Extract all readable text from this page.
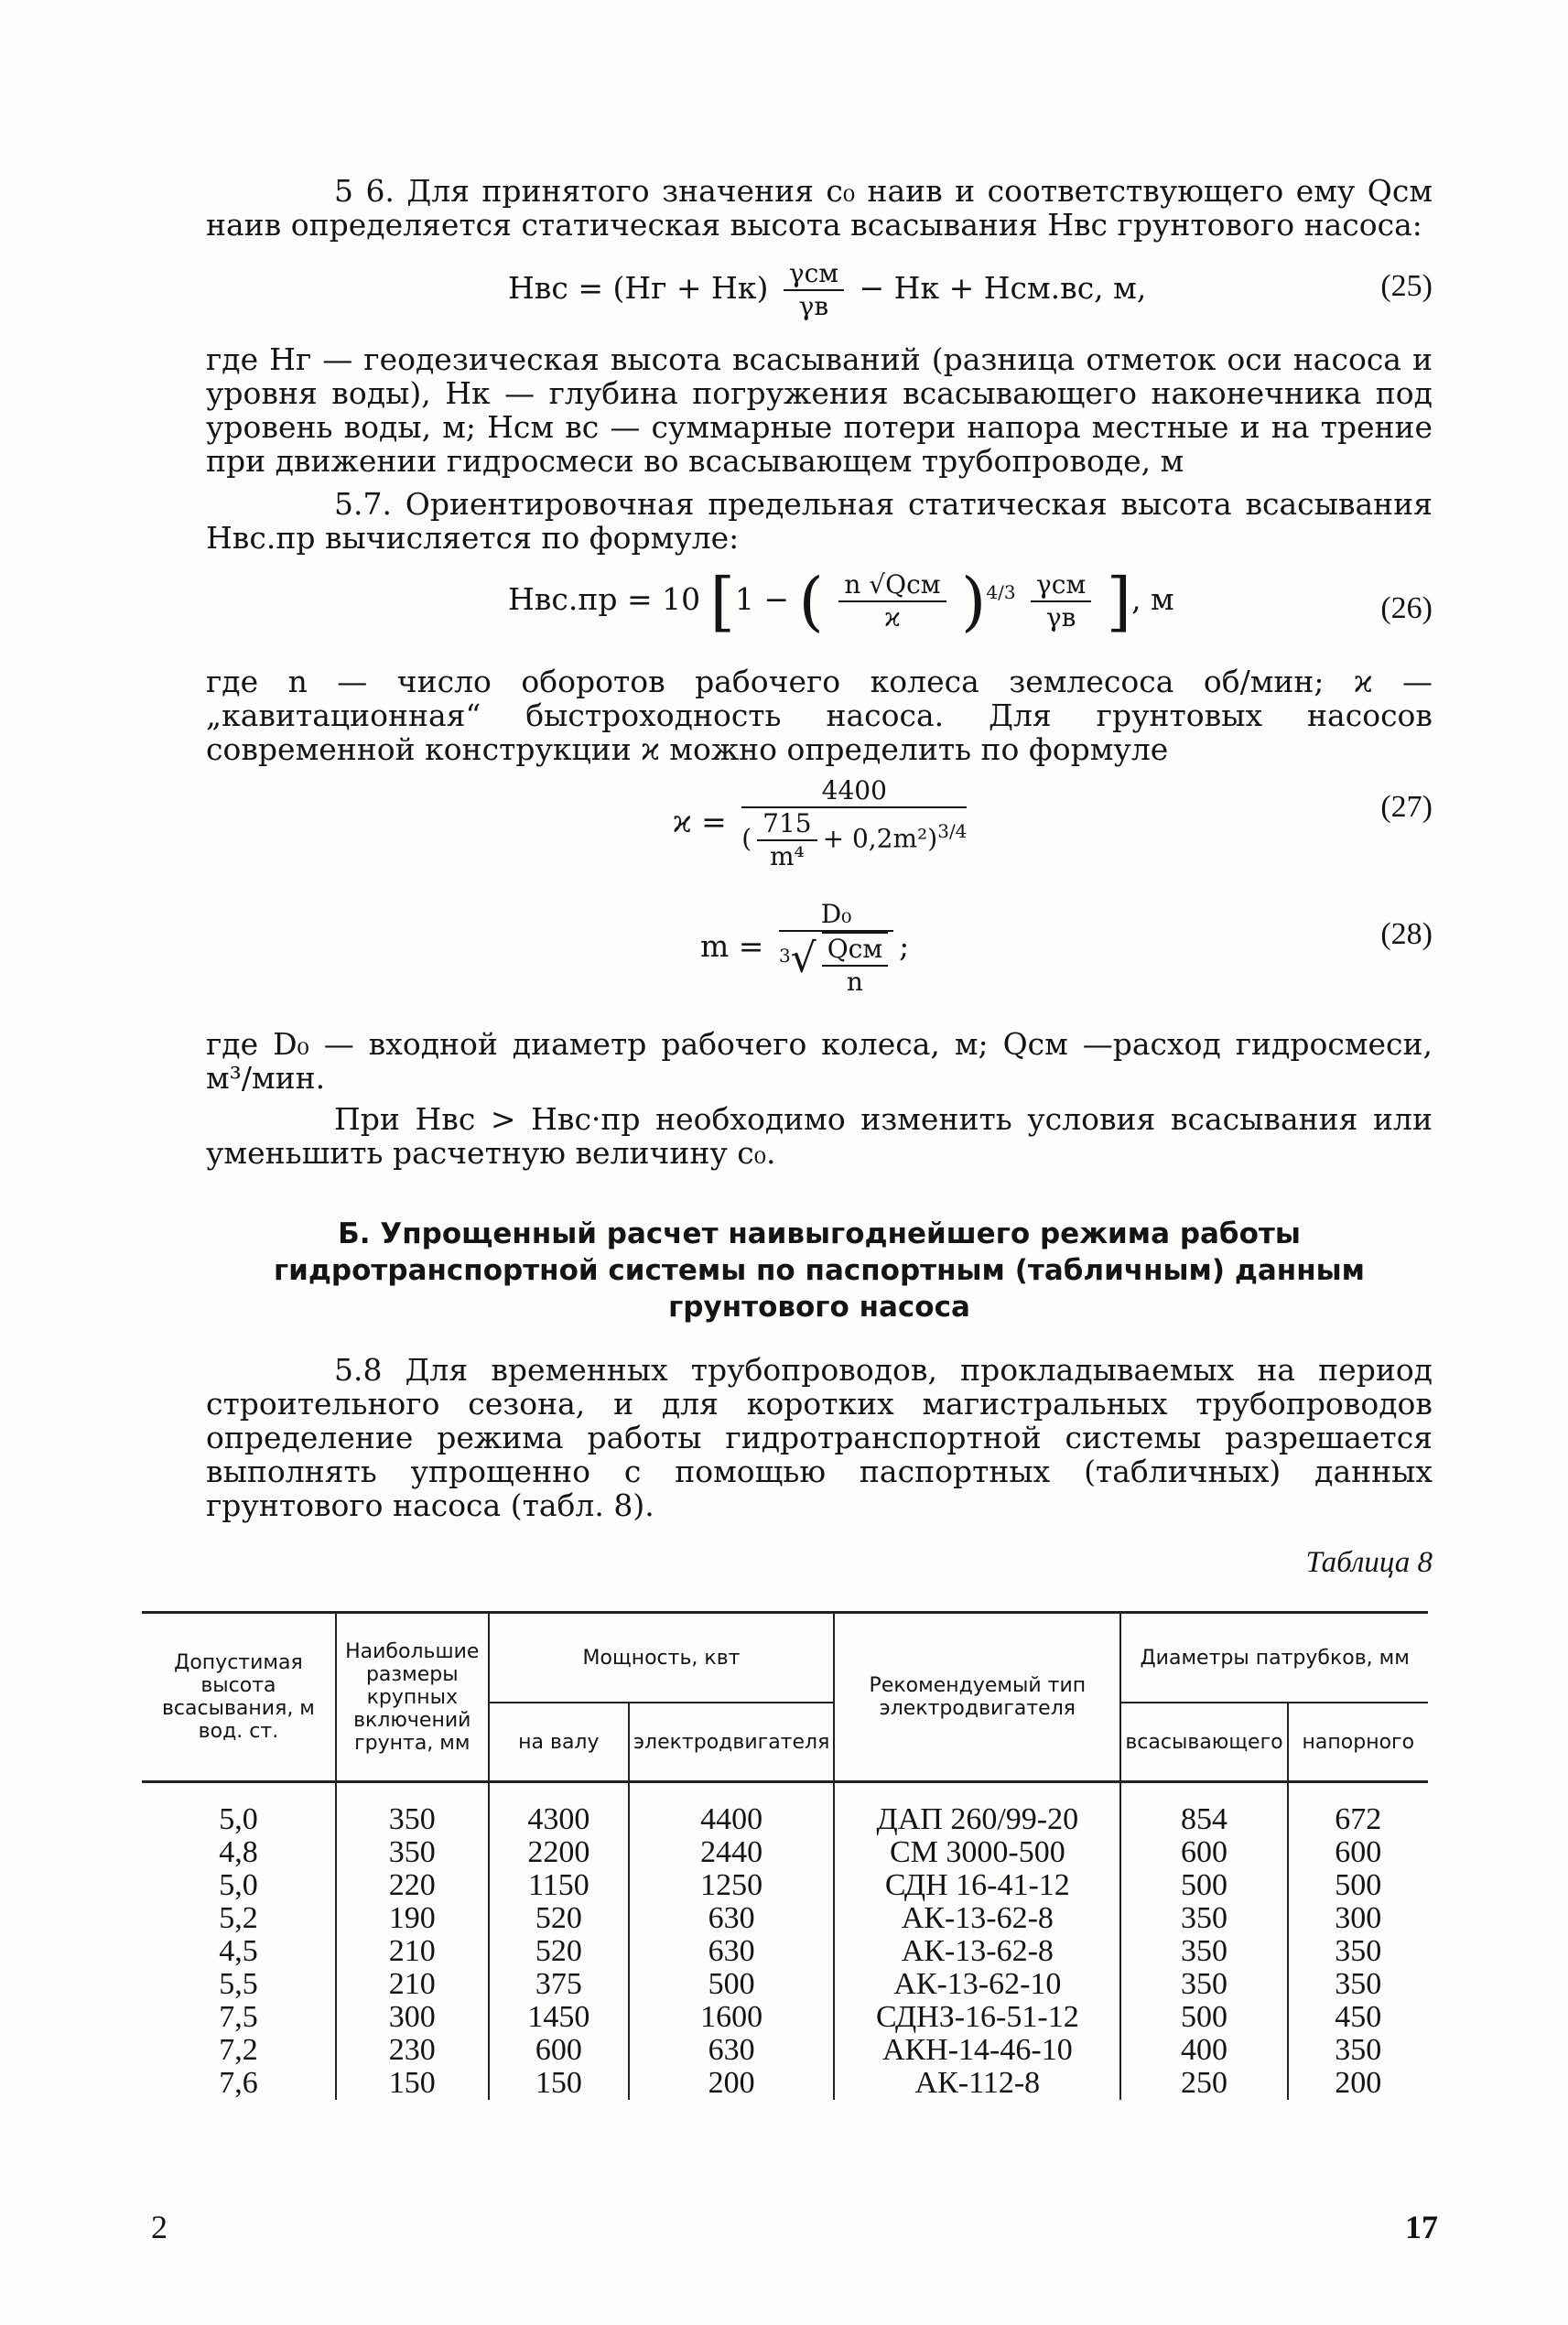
5 6. Для принятого значения c₀ наив и соответствующего ему Qсм наив определяется статическая высота всасывания Hвс грунтового насоса:

Hвс = $(Hг + Hк) \frac{\text{γсм}}{\gamma в}$ − Hк + Hсм.вс, м,	(25)

где Hг — геодезическая высота всасываний (разница отметок оси насоса и уровня воды), Hк — глубина погружения всасывающего наконечника под уровень воды, м; Hсм вс — суммарные потери напора местные и на трение при движении гидросмеси во всасывающем трубопроводе, м

5.7. Ориентировочная предельная статическая высота всасывания Hвс.пр вычисляется по формуле:

Hвс.пр = 10 [1 − ( $\frac{\text{n √Qсм}}{ϰ} )^{4/3} \frac{\text{γсм}}{\gamma в}$ ], м	(26)

где n — число оборотов рабочего колеса землесоса об/мин; ϰ — „кавитационная“ быстроходность насоса. Для грунтовых насосов современной конструкции ϰ можно определить по формуле

$ϰ = \frac{4400}{( \frac{715}{\text{m⁴}} + 0,2m^2)^{3/4}}$	(27)
$m = \frac{\text{D₀}}{^3√ \frac{\text{Qсм}}{n}}$ ;	(28)

где D₀ — входной диаметр рабочего колеса, м; Qсм —расход гидросмеси, м³/мин.

При Hвс > Hвс·пр необходимо изменить условия всасывания или уменьшить расчетную величину c₀.

Б. Упрощенный расчет наивыгоднейшего режима работы гидротранспортной системы по паспортным (табличным) данным грунтового насоса

5.8 Для временных трубопроводов, прокладываемых на период строительного сезона, и для коротких магистральных трубопроводов определение режима работы гидротранспортной системы разрешается выполнять упрощенно с помощью паспортных (табличных) данных грунтового насоса (табл. 8).

Таблица 8
Допустимая высота всасывания, м вод. ст.	Наибольшие размеры крупных включений грунта, мм	Мощность, квт		Рекомендуемый тип электродвигателя	Диаметры патрубков, мм	
		на валу	электродвигателя		всасывающего	напорного
5,0	350	4300	4400	ДАП 260/99-20	854	672
4,8	350	2200	2440	СМ 3000-500	600	600
5,0	220	1150	1250	СДН 16-41-12	500	500
5,2	190	520	630	АК-13-62-8	350	300
4,5	210	520	630	АК-13-62-8	350	350
5,5	210	375	500	АК-13-62-10	350	350
7,5	300	1450	1600	СДНЗ-16-51-12	500	450
7,2	230	600	630	АКН-14-46-10	400	350
7,6	150	150	200	АК-112-8	250	200
2	17
